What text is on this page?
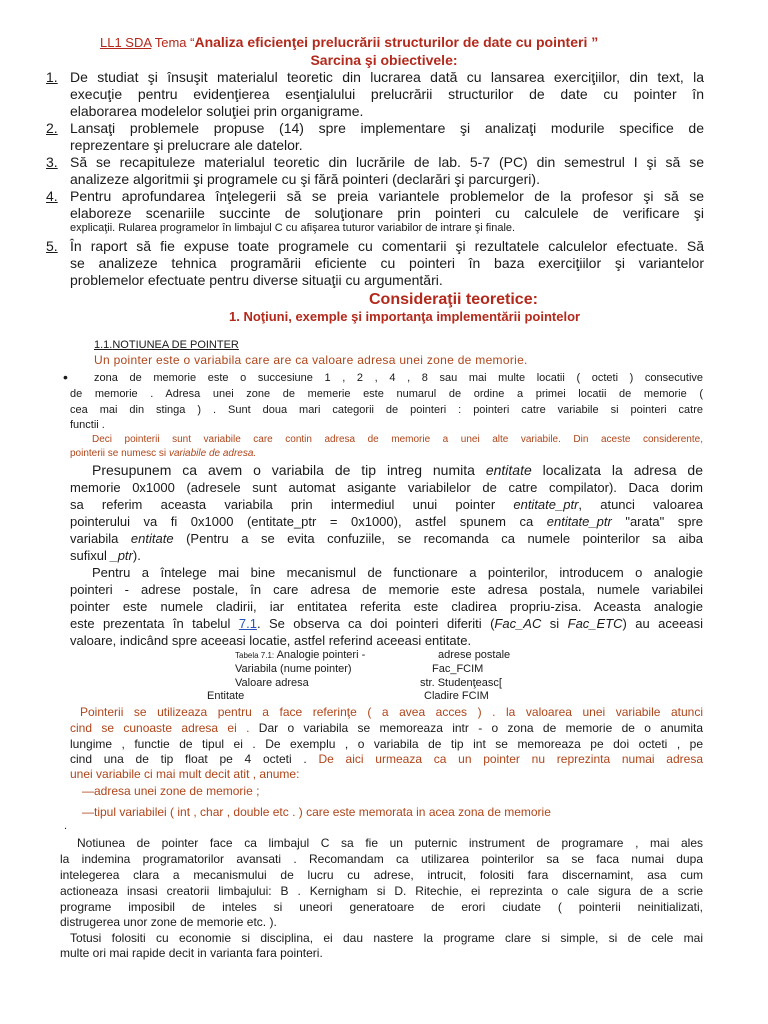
LL1 SDA Tema “Analiza eficienţei prelucrării structurilor de date cu pointeri ”
Sarcina şi obiectivele:
1. De studiat şi însuşit materialul teoretic din lucrarea dată cu lansarea exerciţiilor, din text, la
execuţie pentru evidenţierea esenţialului prelucrării structurilor de date cu pointer în
elaborarea modelelor soluţiei prin organigrame.
2. Lansaţi problemele propuse (14) spre implementare şi analizaţi modurile specifice de
reprezentare şi prelucrare ale datelor.
3. Să se recapituleze materialul teoretic din lucrările de lab. 5-7 (PC) din semestrul I şi să se
analizeze algoritmii şi programele cu şi fără pointeri (declarări şi parcurgeri).
4. Pentru aprofundarea înţelegerii să se preia variantele problemelor de la profesor şi să se
elaboreze scenariile succinte de soluţionare prin pointeri cu calculele de verificare şi
explicaţii. Rularea programelor în limbajul C cu afişarea tuturor variabilor de intrare şi finale.
5. În raport să fie expuse toate programele cu comentarii şi rezultatele calculelor efectuate. Să
se analizeze tehnica programării eficiente cu pointeri în baza exerciţiilor şi variantelor
problemelor efectuate pentru diverse situaţii cu argumentări.
Consideraţii teoretice:
1. Noţiuni, exemple şi importanţa implementării pointelor
1.1.NOTIUNEA DE POINTER
Un pointer este o variabila care are ca valoare adresa unei zone de memorie.
• zona de memorie este o succesiune 1 , 2 , 4 , 8 sau mai multe locatii ( octeti ) consecutive
de memorie . Adresa unei zone de memerie este numarul de ordine a primei locatii de memorie (
cea mai din stinga ) . Sunt doua mari categorii de pointeri : pointeri catre variabile si pointeri catre
functii .
Deci pointerii sunt variabile care contin adresa de memorie a unei alte variabile. Din aceste considerente,
pointerii se numesc si variabile de adresa.
Presupunem ca avem o variabila de tip intreg numita entitate localizata la adresa de
memorie 0x1000 (adresele sunt automat asigante variabilelor de catre compilator). Daca dorim
sa referim aceasta variabila prin intermediul unui pointer entitate_ptr, atunci valoarea
pointerului va fi 0x1000 (entitate_ptr = 0x1000), astfel spunem ca entitate_ptr "arata" spre
variabila entitate (Pentru a se evita confuziile, se recomanda ca numele pointerilor sa aiba
sufixul _ptr).
Pentru a întelege mai bine mecanismul de functionare a pointerilor, introducem o analogie
pointeri - adrese postale, în care adresa de memorie este adresa postala, numele variabilei
pointer este numele cladirii, iar entitatea referita este cladirea propriu-zisa. Aceasta analogie
este prezentata în tabelul 7.1. Se observa ca doi pointeri diferiti (Fac_AC si Fac_ETC) au aceeasi
valoare, indicând spre aceeasi locatie, astfel referind aceeasi entitate.
Tabela 7.1: Analogie pointeri -	adrese postale
Variabila (nume pointer)	Fac_FCIM
Valoare adresa	str. Studenţeasc[
Entitate	Cladire FCIM
Pointerii se utilizeaza pentru a face referinţe ( a avea acces ) . la valoarea unei variabile atunci
cind se cunoaste adresa ei . Dar o variabila se memoreaza intr - o zona de memorie de o anumita
lungime , functie de tipul ei . De exemplu , o variabila de tip int se memoreaza pe doi octeti , pe
cind una de tip float pe 4 octeti . De aici urmeaza ca un pointer nu reprezinta numai adresa
unei variabile ci mai mult decit atit , anume:
—adresa unei zone de memorie ;
—tipul variabilei ( int , char , double etc . ) care este memorata in acea zona de memorie
.
Notiunea de pointer face ca limbajul C sa fie un puternic instrument de programare , mai ales
la indemina programatorilor avansati . Recomandam ca utilizarea pointerilor sa se faca numai dupa
intelegerea clara a mecanismului de lucru cu adrese, intrucit, folositi fara discernamint, asa cum
actioneaza insasi creatorii limbajului: B . Kernigham si D. Ritechie, ei reprezinta o cale sigura de a scrie
programe imposibil de inteles si uneori generatoare de erori ciudate ( pointerii neinitializati,
distrugerea unor zone de memorie etc. ).
Totusi folositi cu economie si disciplina, ei dau nastere la programe clare si simple, si de cele mai
multe ori mai rapide decit in varianta fara pointeri.
